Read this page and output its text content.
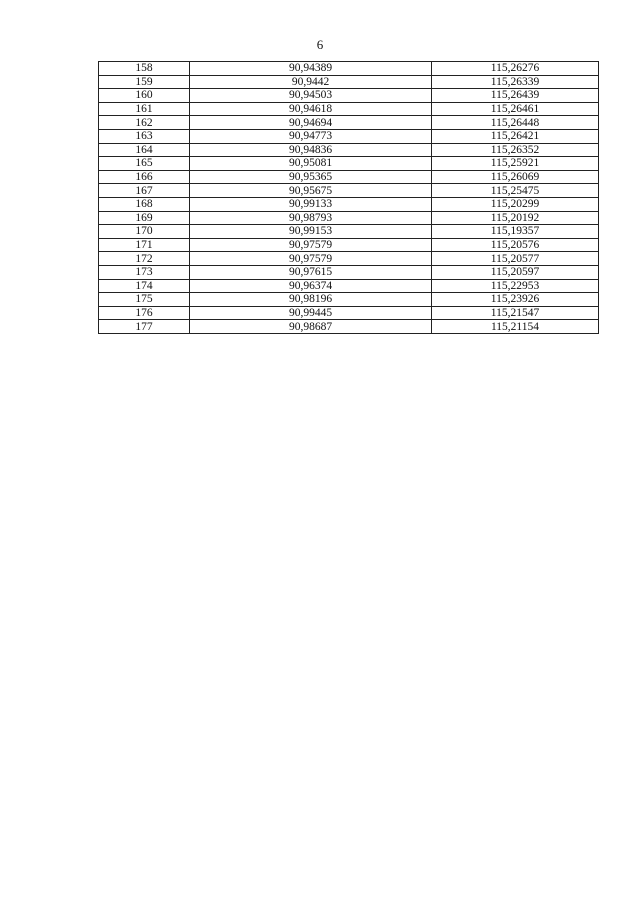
6
158	90,94389	115,26276
159	90,9442	115,26339
160	90,94503	115,26439
161	90,94618	115,26461
162	90,94694	115,26448
163	90,94773	115,26421
164	90,94836	115,26352
165	90,95081	115,25921
166	90,95365	115,26069
167	90,95675	115,25475
168	90,99133	115,20299
169	90,98793	115,20192
170	90,99153	115,19357
171	90,97579	115,20576
172	90,97579	115,20577
173	90,97615	115,20597
174	90,96374	115,22953
175	90,98196	115,23926
176	90,99445	115,21547
177	90,98687	115,21154
